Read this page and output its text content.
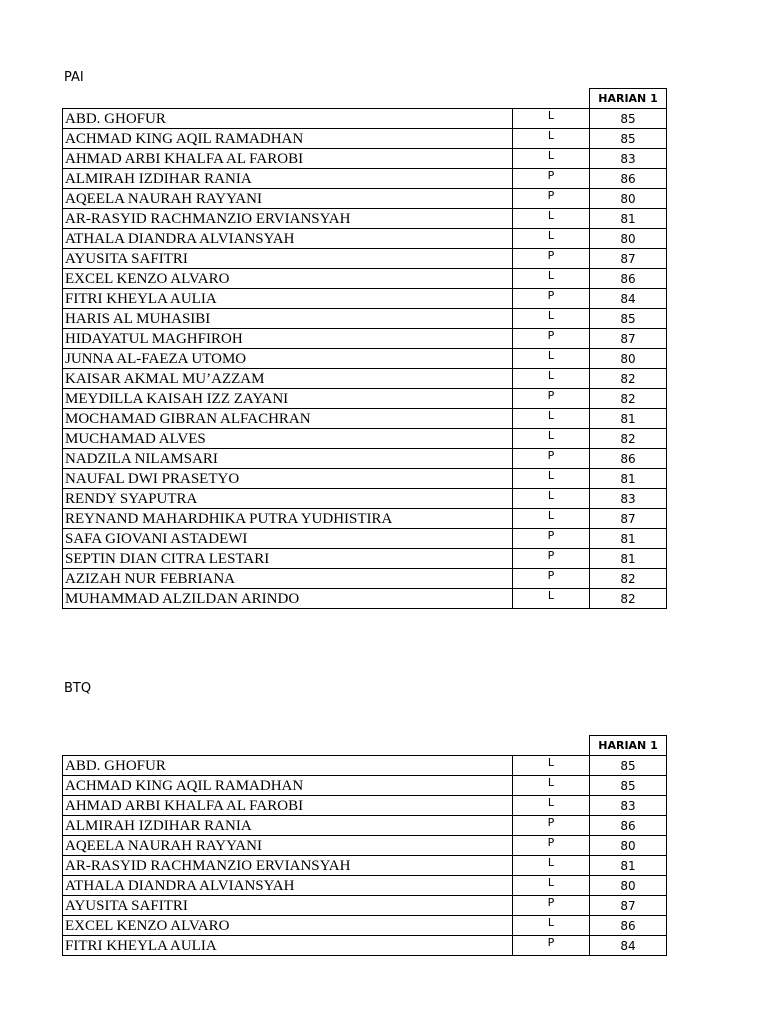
PAI
		HARIAN 1
ABD. GHOFUR	L	85
ACHMAD KING AQIL RAMADHAN	L	85
AHMAD ARBI KHALFA AL FAROBI	L	83
ALMIRAH IZDIHAR RANIA	P	86
AQEELA NAURAH RAYYANI	P	80
AR-RASYID RACHMANZIO ERVIANSYAH	L	81
ATHALA DIANDRA ALVIANSYAH	L	80
AYUSITA SAFITRI	P	87
EXCEL KENZO ALVARO	L	86
FITRI KHEYLA AULIA	P	84
HARIS AL MUHASIBI	L	85
HIDAYATUL MAGHFIROH	P	87
JUNNA AL-FAEZA UTOMO	L	80
KAISAR AKMAL MU’AZZAM	L	82
MEYDILLA KAISAH IZZ ZAYANI	P	82
MOCHAMAD GIBRAN ALFACHRAN	L	81
MUCHAMAD ALVES	L	82
NADZILA NILAMSARI	P	86
NAUFAL DWI PRASETYO	L	81
RENDY SYAPUTRA	L	83
REYNAND MAHARDHIKA PUTRA YUDHISTIRA	L	87
SAFA GIOVANI ASTADEWI	P	81
SEPTIN DIAN CITRA LESTARI	P	81
AZIZAH NUR FEBRIANA	P	82
MUHAMMAD ALZILDAN ARINDO	L	82
BTQ
		HARIAN 1
ABD. GHOFUR	L	85
ACHMAD KING AQIL RAMADHAN	L	85
AHMAD ARBI KHALFA AL FAROBI	L	83
ALMIRAH IZDIHAR RANIA	P	86
AQEELA NAURAH RAYYANI	P	80
AR-RASYID RACHMANZIO ERVIANSYAH	L	81
ATHALA DIANDRA ALVIANSYAH	L	80
AYUSITA SAFITRI	P	87
EXCEL KENZO ALVARO	L	86
FITRI KHEYLA AULIA	P	84
